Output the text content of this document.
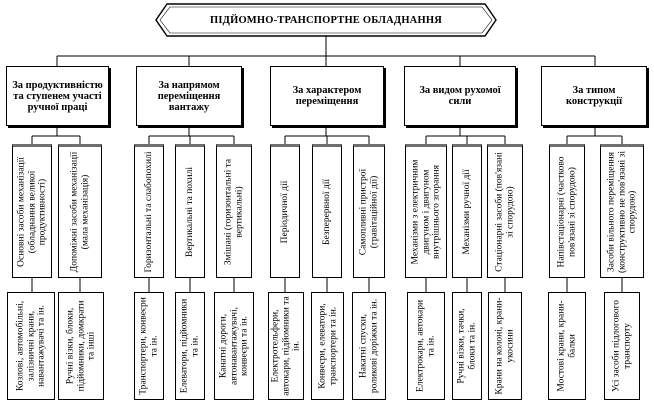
ПІДЙОМНО-ТРАНСПОРТНЕ ОБЛАДНАННЯ
За продуктивністю та ступенем участі ручної праці
За напрямом переміщення вантажу
За характером переміщення
За видом рухомої сили
За типом конструкції
Основні засоби механізації (обладнання великої продуктивності) Допоміжні засоби механізації (мала механізація)	Горизонтальні та слабопохилі	Вертикальні та похилі	Змішані (горизонтальні та вертикальні)	Періодичної дії	Безперервної дії	Самопливні пристрої (гравітаційної дії)	Механізми з електричним двигуном і двигуном внутрішнього згорання Механізми ручної дії Стаціонарні засоби (пов'язані зі спорудою)	Напівстаціонарні (частково пов'язані зі спорудою)	Засоби вільного переміщення (конструктивно не пов'язані зі спорудою)
Козлові, автомобільні, залізничні крани, навантажувачі та ін. Ручні візки, блоки, підйомники, домкрати та інші	Транспортери, конвеєри та ін. Елеватори, підйомники та ін. Канатні дороги, автонавантажувачі, конвеєри та ін. Електротельфери, автокари, підйомники та ін. Конвеєри, елеватори, транспортери та ін. Накатні спуски, роликові доріжки та ін.	Електрокари, автокари та ін. Ручні візки, тачки, блоки та ін. Крани на колоні, крани-укосини	Мостові крани, крани-балки	Усі засоби підлогового транспорту
